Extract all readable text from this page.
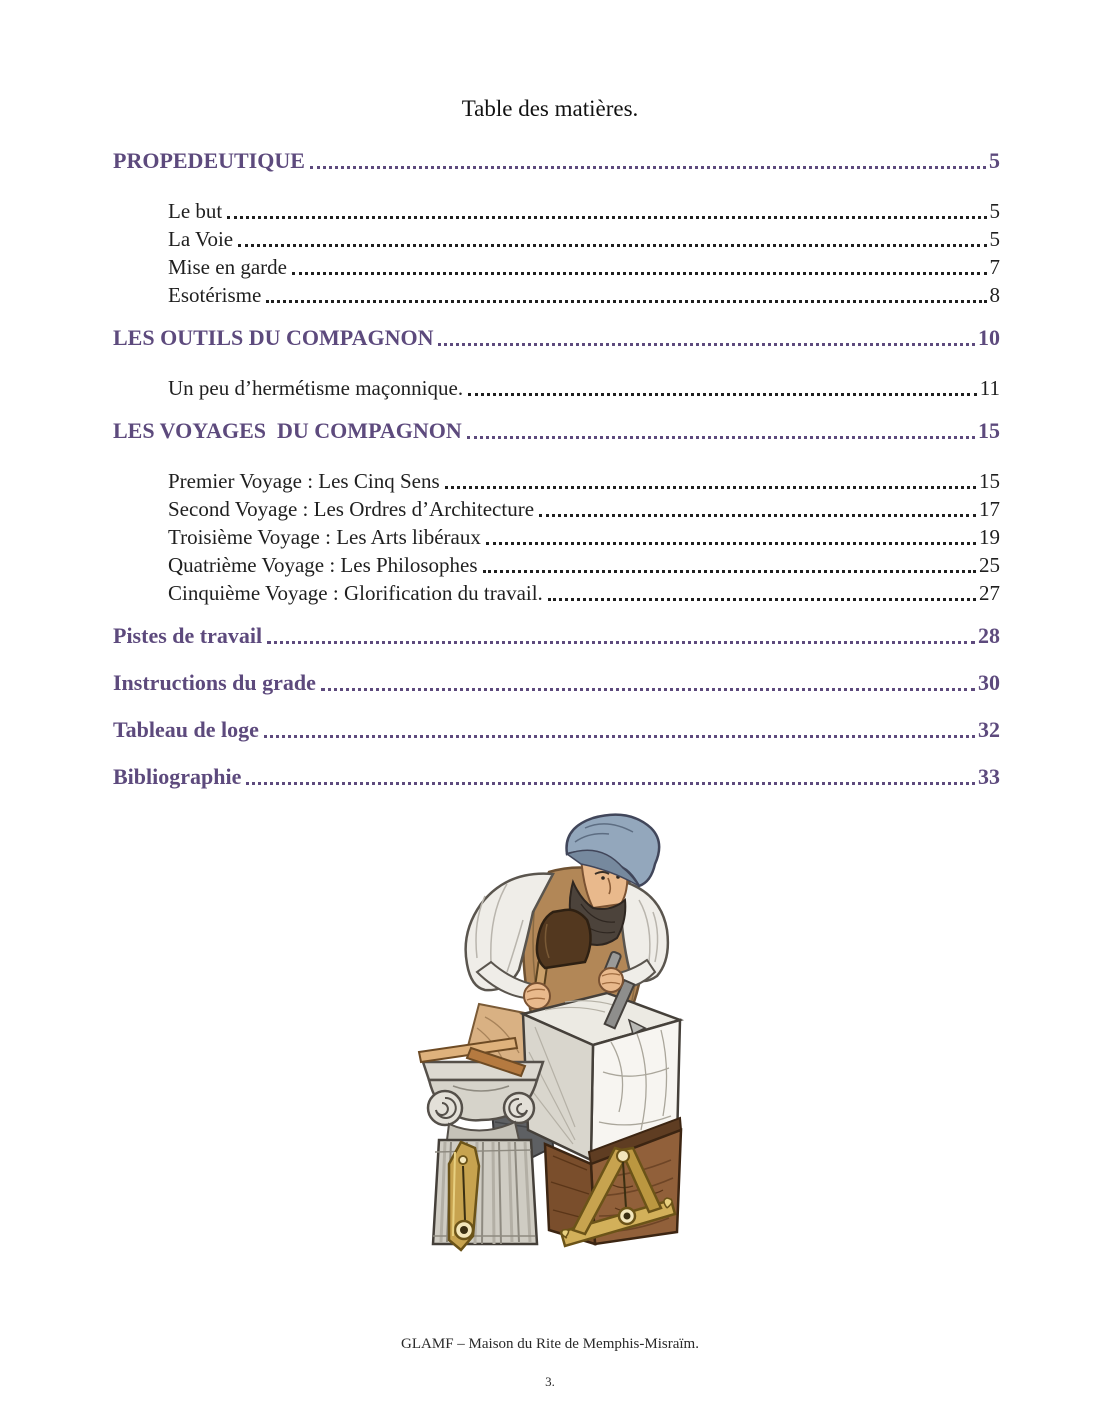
Table des matières.
PROPEDEUTIQUE	5
Le but	5
La Voie	5
Mise en garde	7
Esotérisme	8
LES OUTILS DU COMPAGNON	10
Un peu d’hermétisme maçonnique.	11
LES VOYAGES  DU COMPAGNON	15
Premier Voyage : Les Cinq Sens	15
Second Voyage : Les Ordres d’Architecture	17
Troisième Voyage : Les Arts libéraux	19
Quatrième Voyage : Les Philosophes	25
Cinquième Voyage : Glorification du travail.	27
Pistes de travail	28
Instructions du grade	30
Tableau de loge	32
Bibliographie	33
GLAMF – Maison du Rite de Memphis-Misraïm.
3.
